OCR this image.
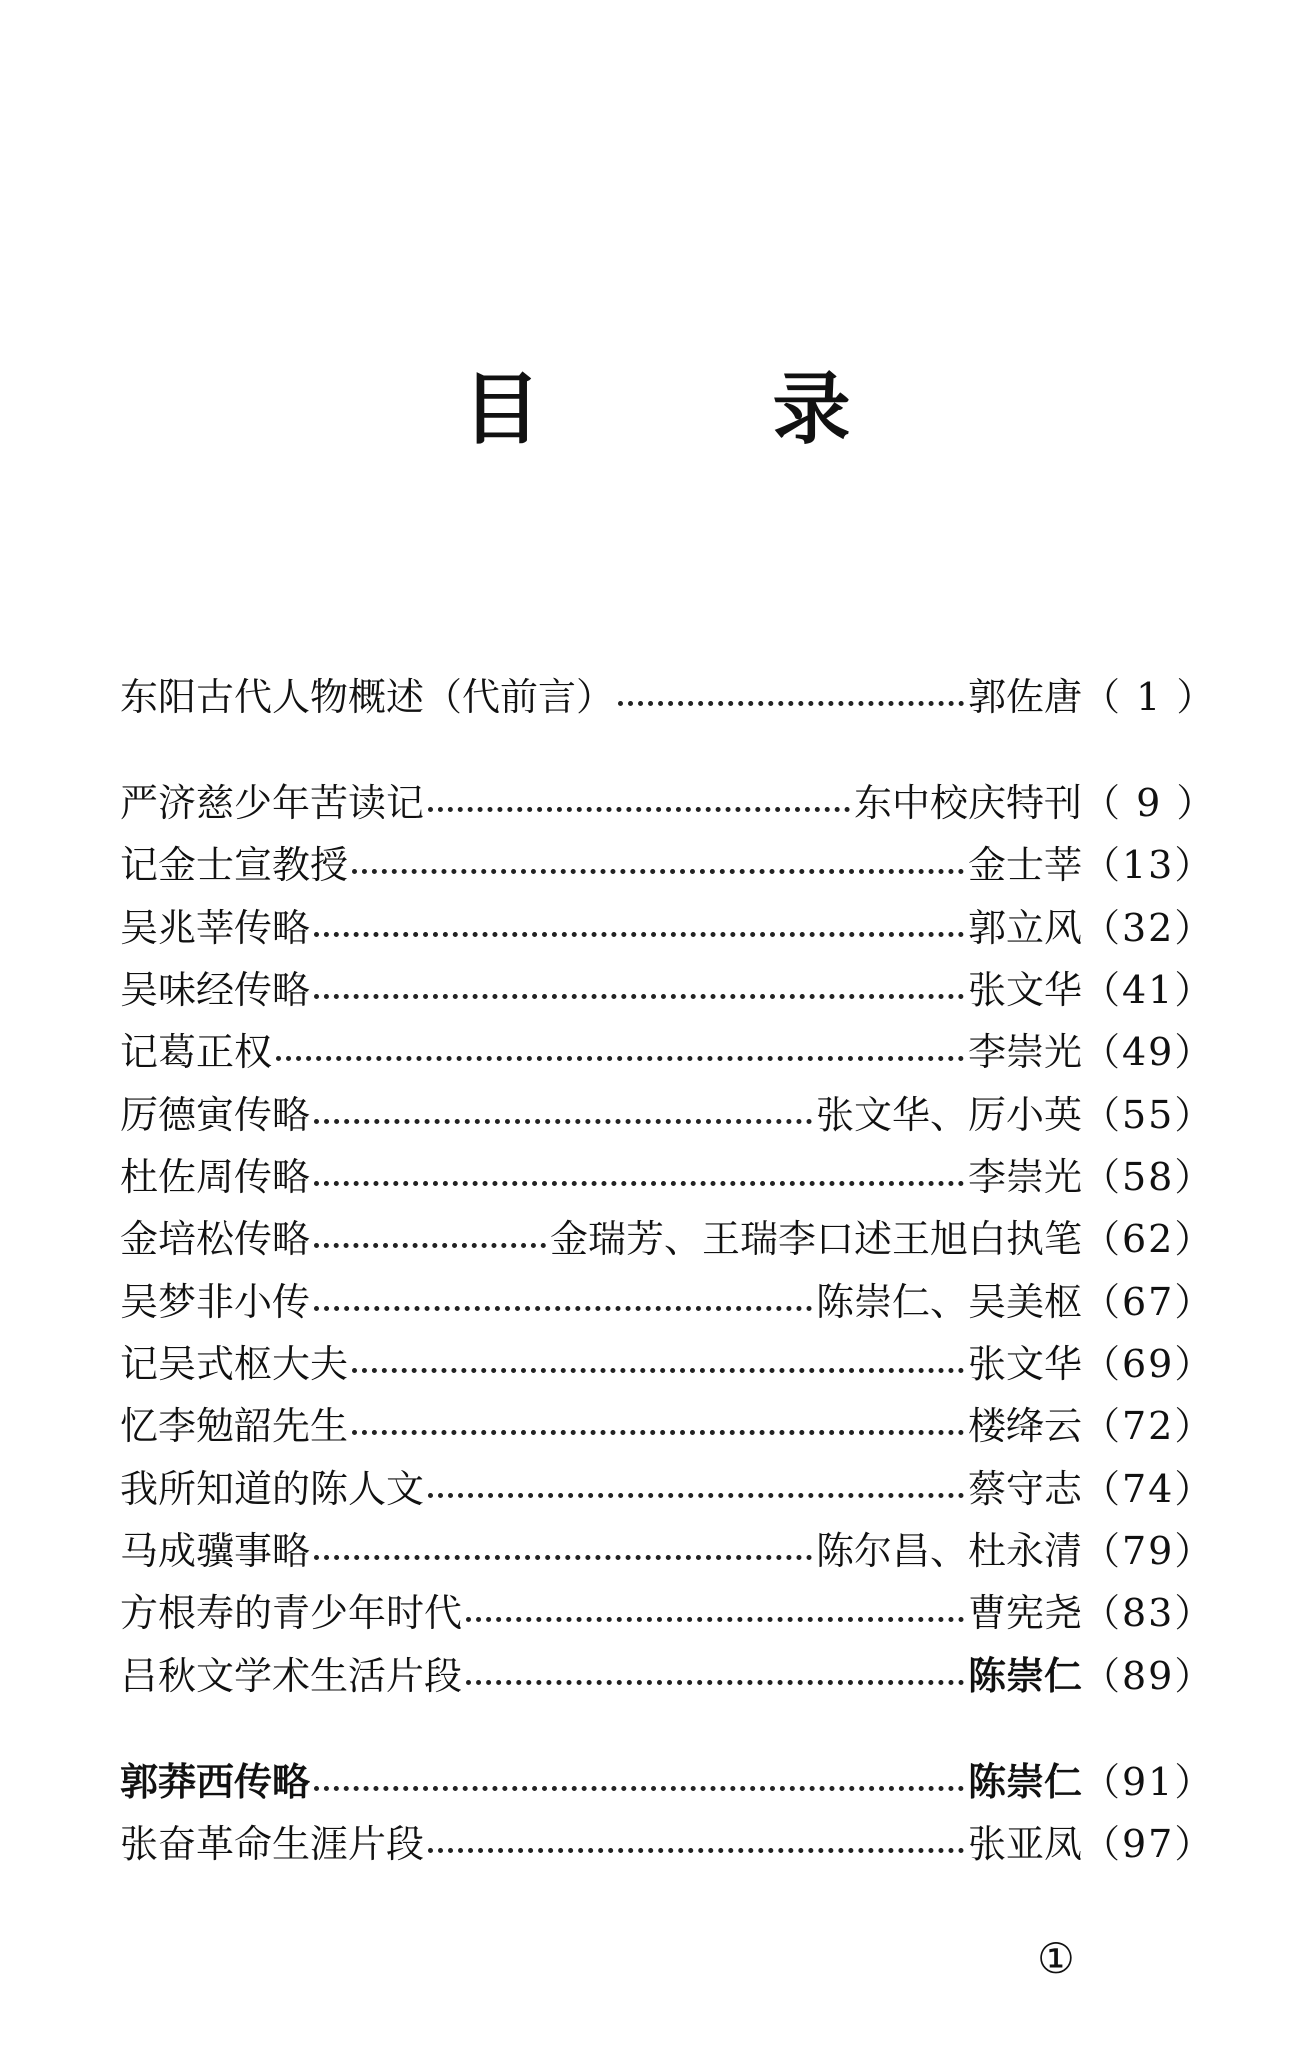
目	录
东阳古代人物概述（代前言）	郭佐唐 （ 1 ）
严济慈少年苦读记	东中校庆特刊 （ 9 ）
记金士宣教授	金士莘 （13）
吴兆莘传略	郭立风 （32）
吴味经传略	张文华 （41）
记葛正权	李崇光 （49）
厉德寅传略	张文华、厉小英 （55）
杜佐周传略	李崇光 （58）
金培松传略	金瑞芳、王瑞李口述王旭白执笔 （62）
吴梦非小传	陈崇仁、吴美枢 （67）
记吴式枢大夫	张文华 （69）
忆李勉韶先生	楼绛云 （72）
我所知道的陈人文	蔡守志 （74）
马成骥事略	陈尔昌、杜永清 （79）
方根寿的青少年时代	曹宪尧 （83）
吕秋文学术生活片段	陈崇仁 （89）
郭莽西传略	陈崇仁 （91）
张奋革命生涯片段	张亚凤 （97）
①
